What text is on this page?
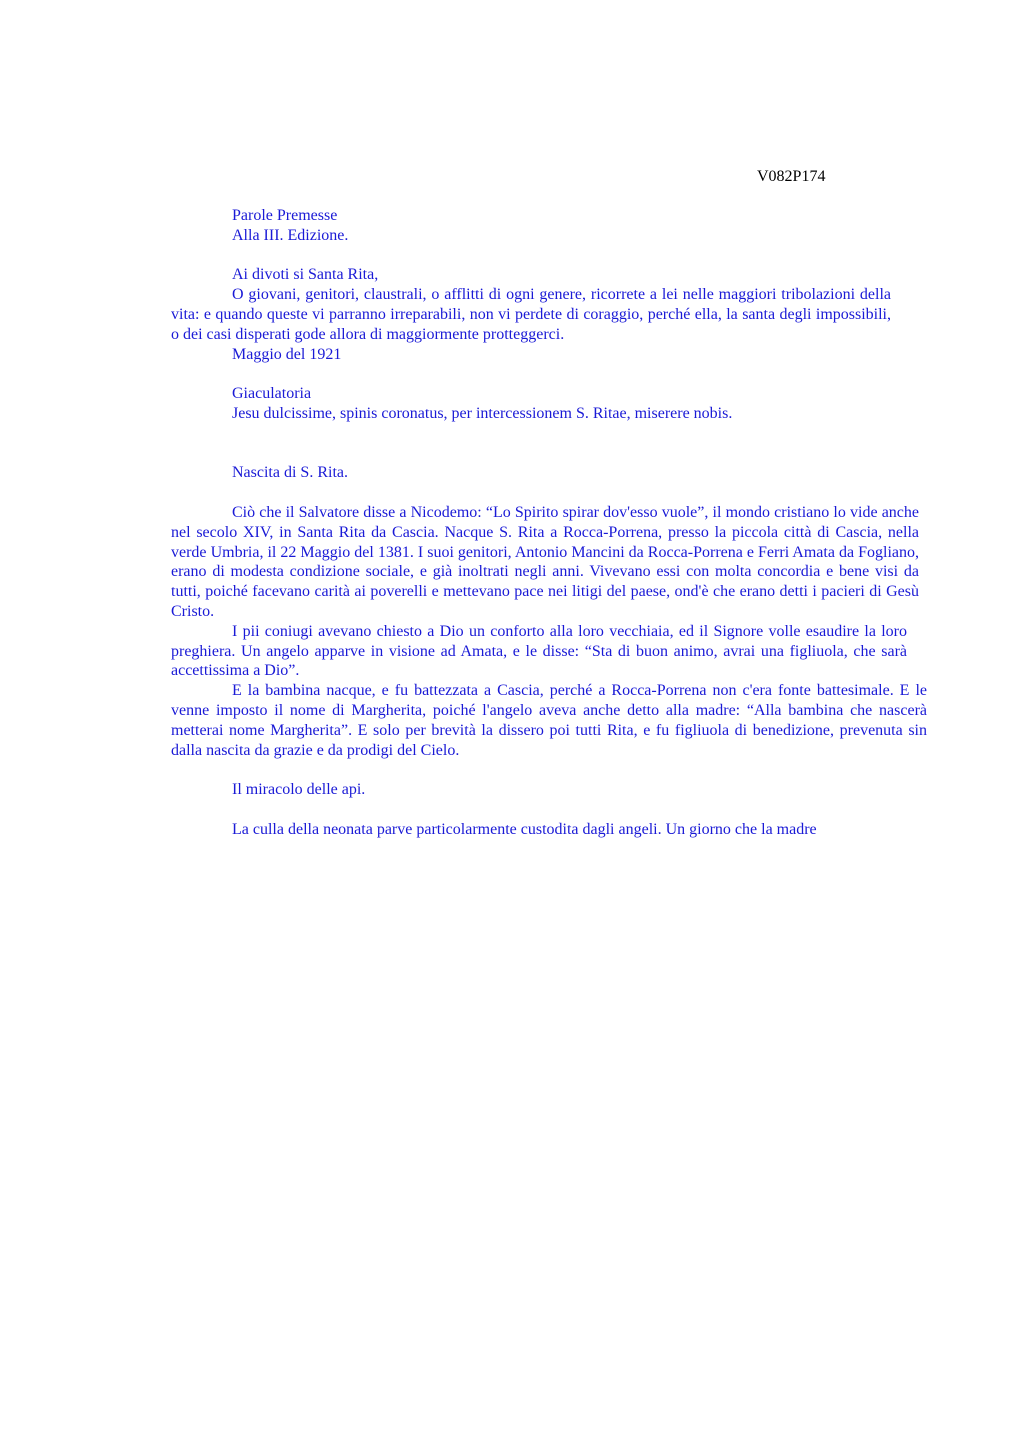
V082P174
Parole Premesse
Alla III. Edizione.
Ai divoti si Santa Rita,

O giovani, genitori, claustrali, o afflitti di ogni genere, ricorrete a lei nelle maggiori tribolazioni della vita: e quando queste vi parranno irreparabili, non vi perdete di coraggio, perché ella, la santa degli impossibili, o dei casi disperati gode allora di maggiormente protteggerci.

Maggio del 1921
Giaculatoria
Jesu dulcissime, spinis coronatus, per intercessionem S. Ritae, miserere nobis.
Nascita di S. Rita.

Ciò che il Salvatore disse a Nicodemo: “Lo Spirito spirar dov'esso vuole”, il mondo cristiano lo vide anche nel secolo XIV, in Santa Rita da Cascia. Nacque S. Rita a Rocca-Porrena, presso la piccola città di Cascia, nella verde Umbria, il 22 Maggio del 1381. I suoi genitori, Antonio Mancini da Rocca-Porrena e Ferri Amata da Fogliano, erano di modesta condizione sociale, e già inoltrati negli anni. Vivevano essi con molta concordia e bene visi da tutti, poiché facevano carità ai poverelli e mettevano pace nei litigi del paese, ond'è che erano detti i pacieri di Gesù Cristo.

I pii coniugi avevano chiesto a Dio un conforto alla loro vecchiaia, ed il Signore volle esaudire la loro preghiera. Un angelo apparve in visione ad Amata, e le disse: “Sta di buon animo, avrai una figliuola, che sarà accettissima a Dio”.

E la bambina nacque, e fu battezzata a Cascia, perché a Rocca-Porrena non c'era fonte battesimale. E le venne imposto il nome di Margherita, poiché l'angelo aveva anche detto alla madre: “Alla bambina che nascerà metterai nome Margherita”. E solo per brevità la dissero poi tutti Rita, e fu figliuola di benedizione, prevenuta sin dalla nascita da grazie e da prodigi del Cielo.

Il miracolo delle api.
La culla della neonata parve particolarmente custodita dagli angeli. Un giorno che la madre
